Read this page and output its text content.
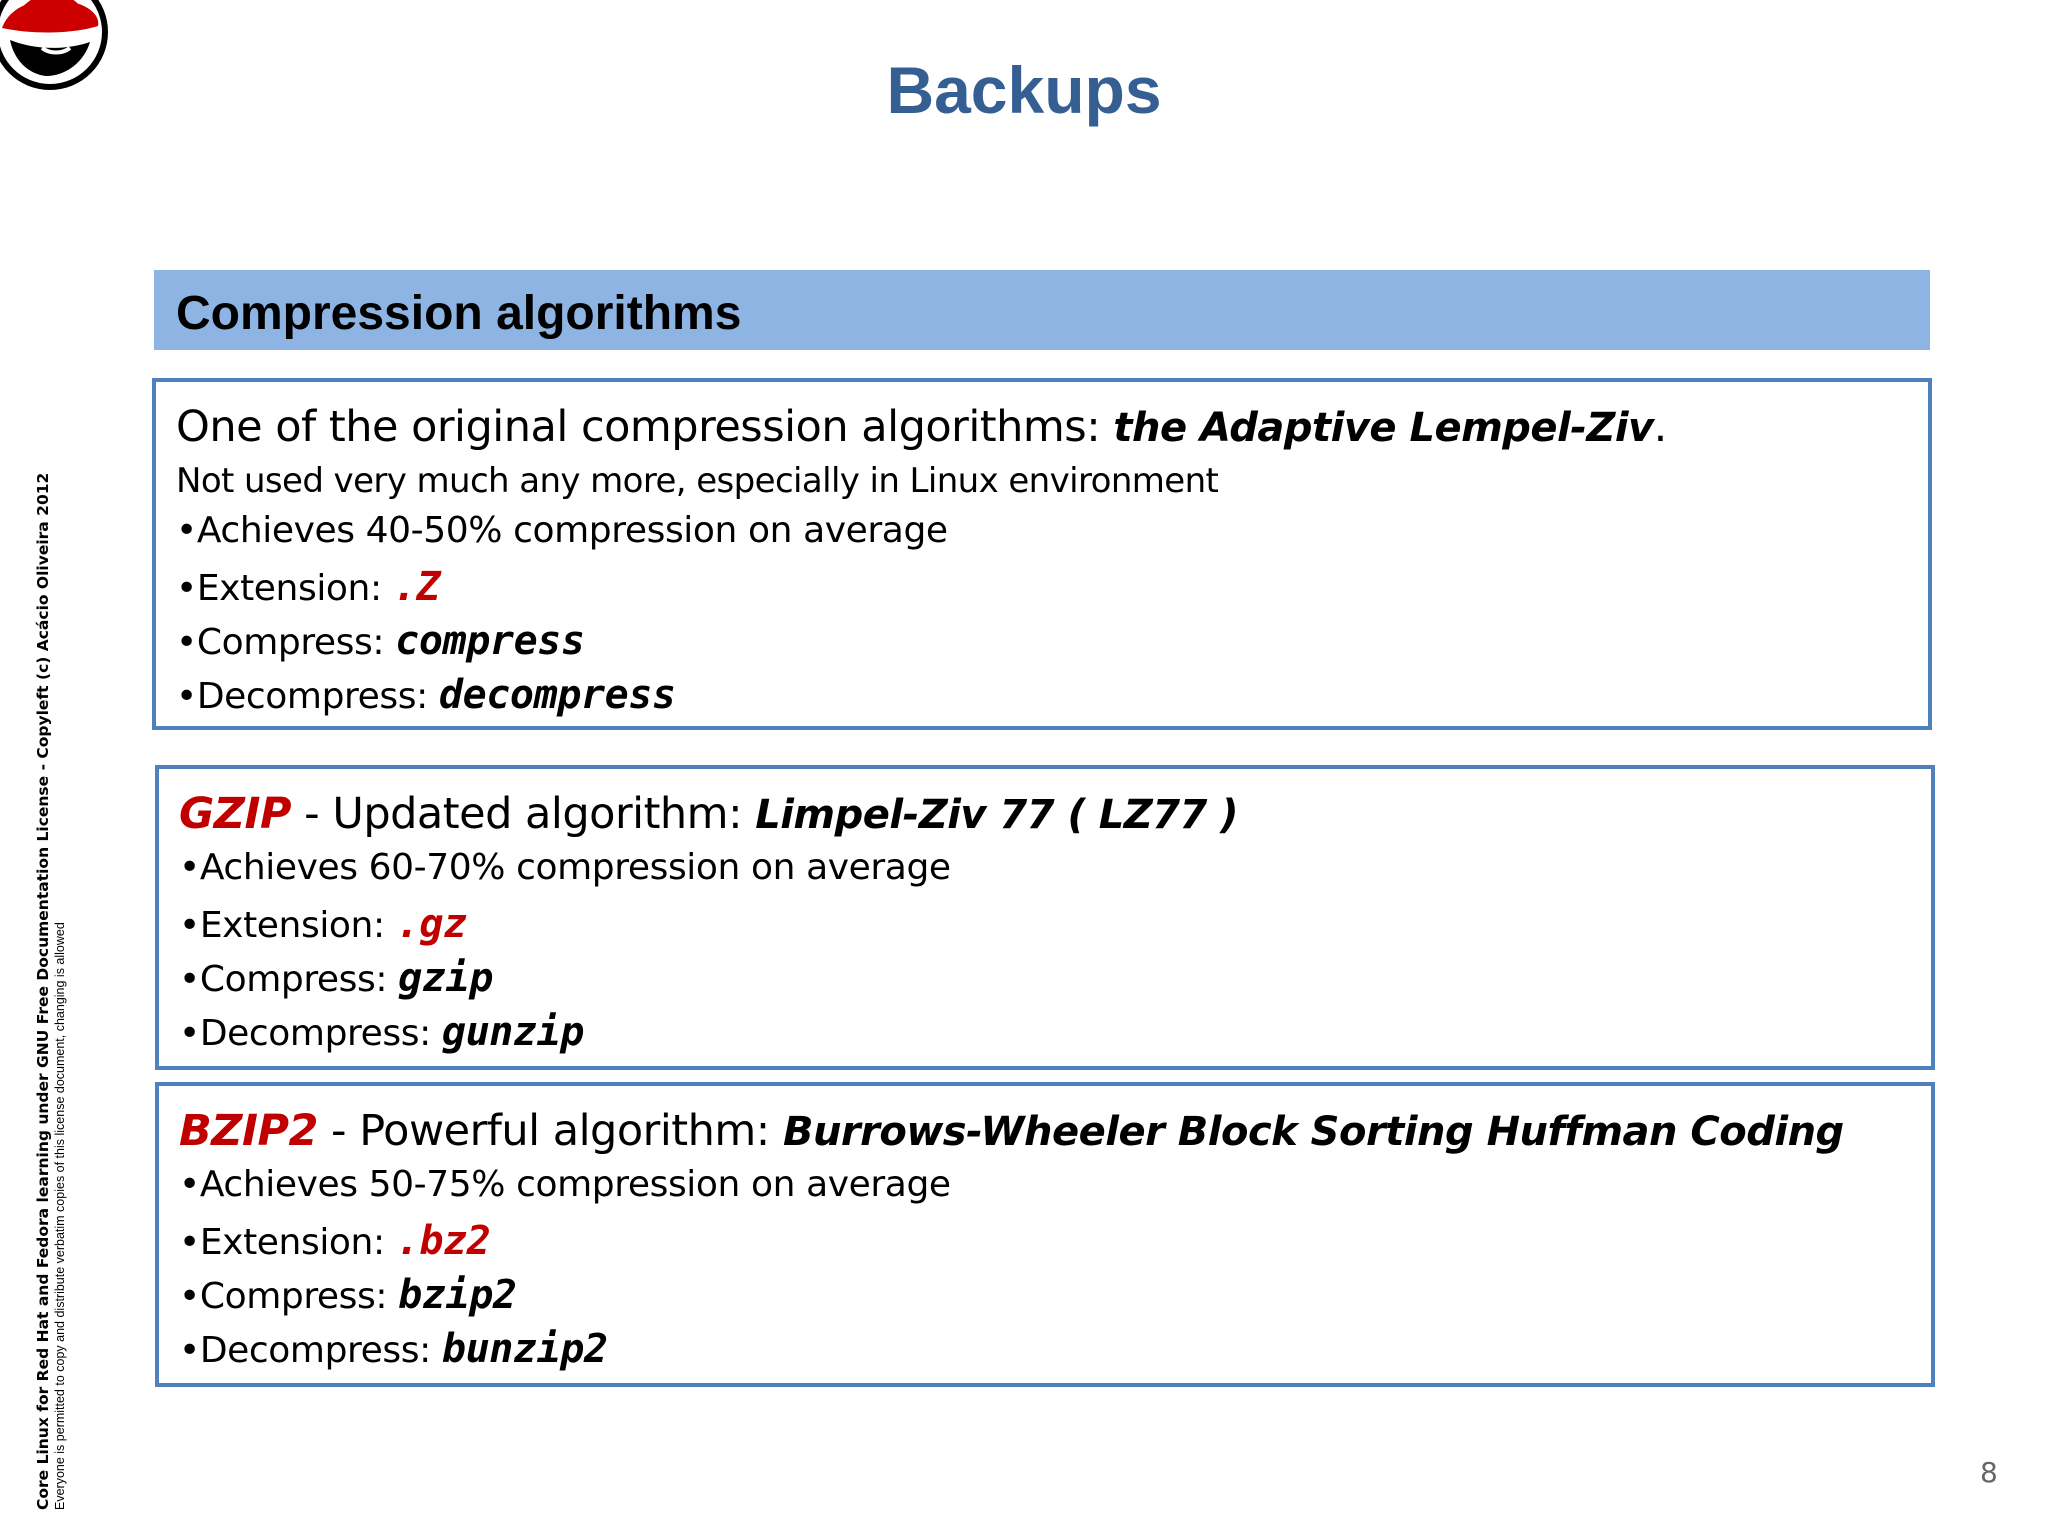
Backups
Core Linux for Red Hat and Fedora learning under GNU Free Documentation License - Copyleft (c) Acácio Oliveira 2012 Everyone is permitted to copy and distribute verbatim copies of this license document, changing is allowed
Compression algorithms
One of the original compression algorithms: the Adaptive Lempel-Ziv.
Not used very much any more, especially in Linux environment
•Achieves 40-50% compression on average
•Extension: .Z
•Compress: compress
•Decompress: decompress
GZIP - Updated algorithm: Limpel-Ziv 77 ( LZ77 )
•Achieves 60-70% compression on average
•Extension: .gz
•Compress: gzip
•Decompress: gunzip
BZIP2 - Powerful algorithm: Burrows-Wheeler Block Sorting Huffman Coding
•Achieves 50-75% compression on average
•Extension: .bz2
•Compress: bzip2
•Decompress: bunzip2
8
